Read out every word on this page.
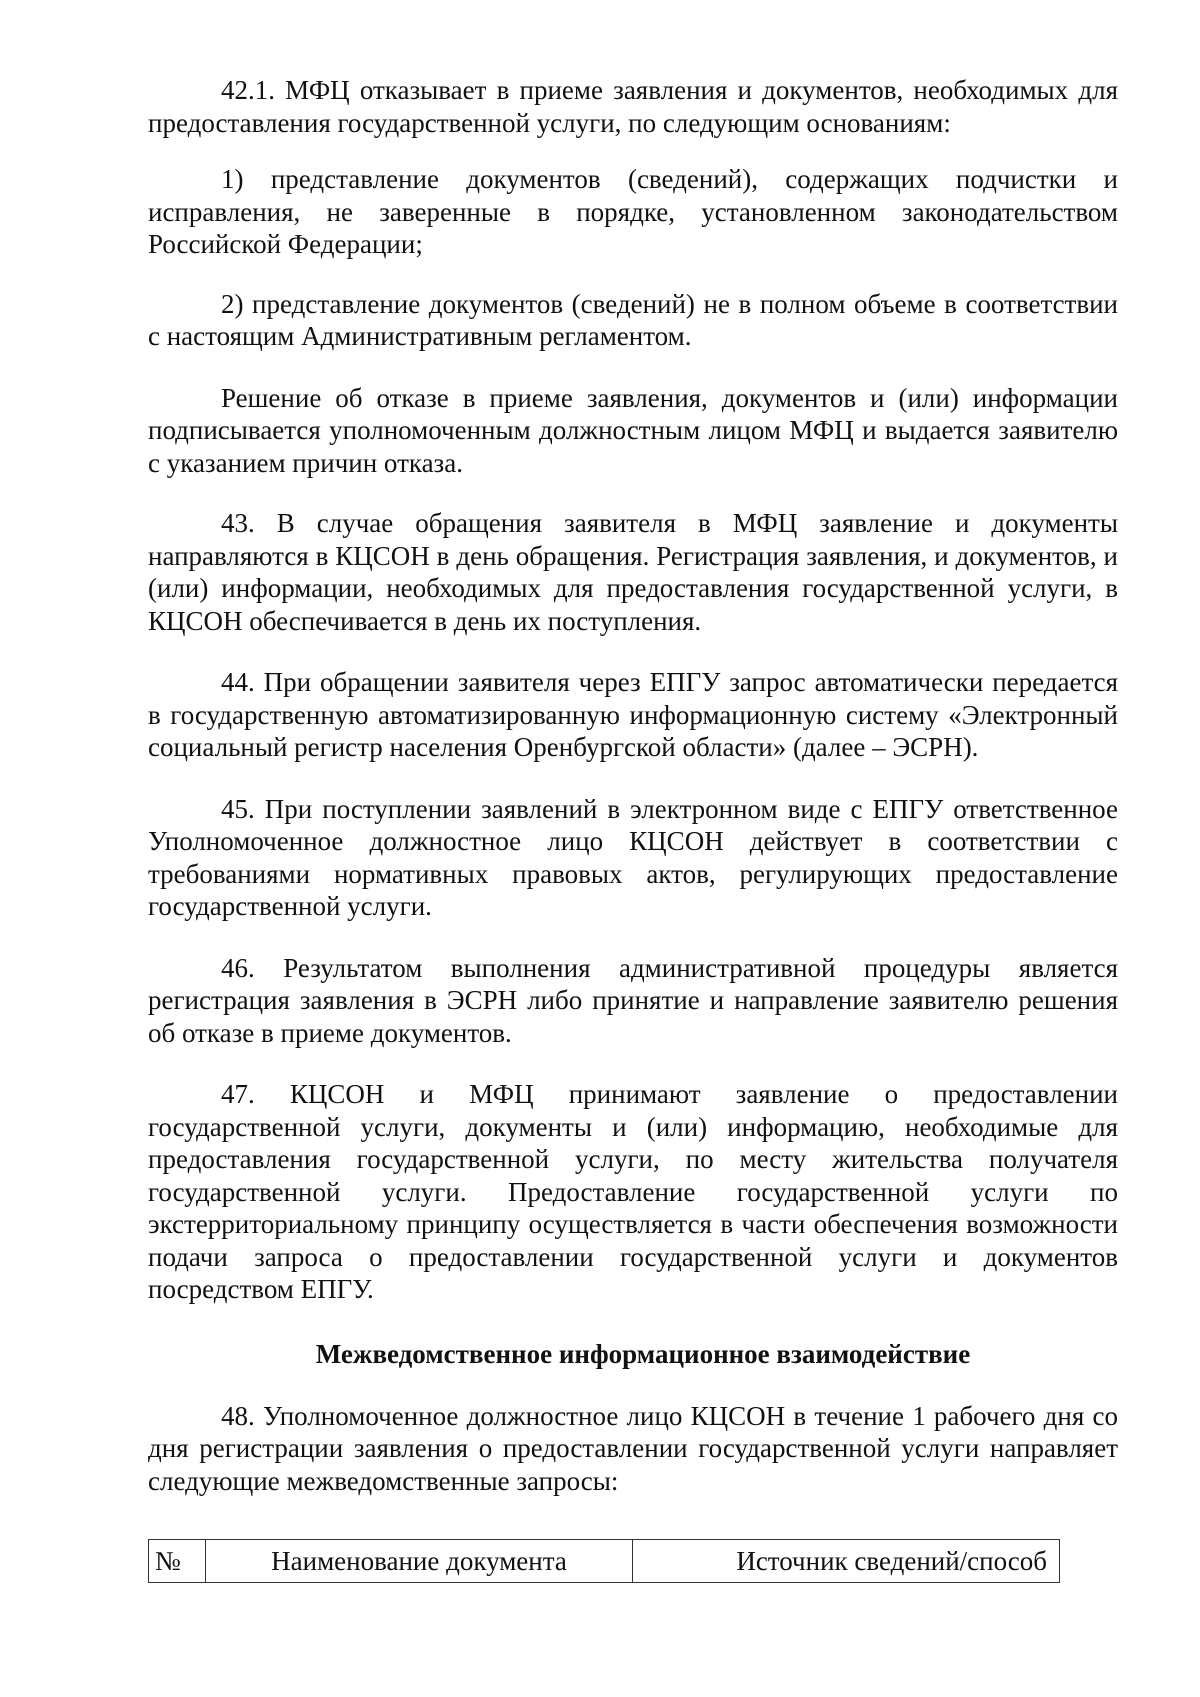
42.1. МФЦ отказывает в приеме заявления и документов, необходимых для предоставления государственной услуги, по следующим основаниям:

1) представление документов (сведений), содержащих подчистки и исправления, не заверенные в порядке, установленном законодательством Российской Федерации;

2) представление документов (сведений) не в полном объеме в соответствии с настоящим Административным регламентом.

Решение об отказе в приеме заявления, документов и (или) информации подписывается уполномоченным должностным лицом МФЦ и выдается заявителю с указанием причин отказа.

43. В случае обращения заявителя в МФЦ заявление и документы направляются в КЦСОН в день обращения. Регистрация заявления, и документов, и (или) информации, необходимых для предоставления государственной услуги, в КЦСОН обеспечивается в день их поступления.

44. При обращении заявителя через ЕПГУ запрос автоматически передается в государственную автоматизированную информационную систему «Электронный социальный регистр населения Оренбургской области» (далее – ЭСРН).

45. При поступлении заявлений в электронном виде с ЕПГУ ответственное Уполномоченное должностное лицо КЦСОН действует в соответствии с требованиями нормативных правовых актов, регулирующих предоставление государственной услуги.

46. Результатом выполнения административной процедуры является регистрация заявления в ЭСРН либо принятие и направление заявителю решения об отказе в приеме документов.

47. КЦСОН и МФЦ принимают заявление о предоставлении государственной услуги, документы и (или) информацию, необходимые для предоставления государственной услуги, по месту жительства получателя государственной услуги. Предоставление государственной услуги по экстерриториальному принципу осуществляется в части обеспечения возможности подачи запроса о предоставлении государственной услуги и документов посредством ЕПГУ.

Межведомственное информационное взаимодействие

48. Уполномоченное должностное лицо КЦСОН в течение 1 рабочего дня со дня регистрации заявления о предоставлении государственной услуги направляет следующие межведомственные запросы:

№	Наименование документа	Источник сведений/способ
